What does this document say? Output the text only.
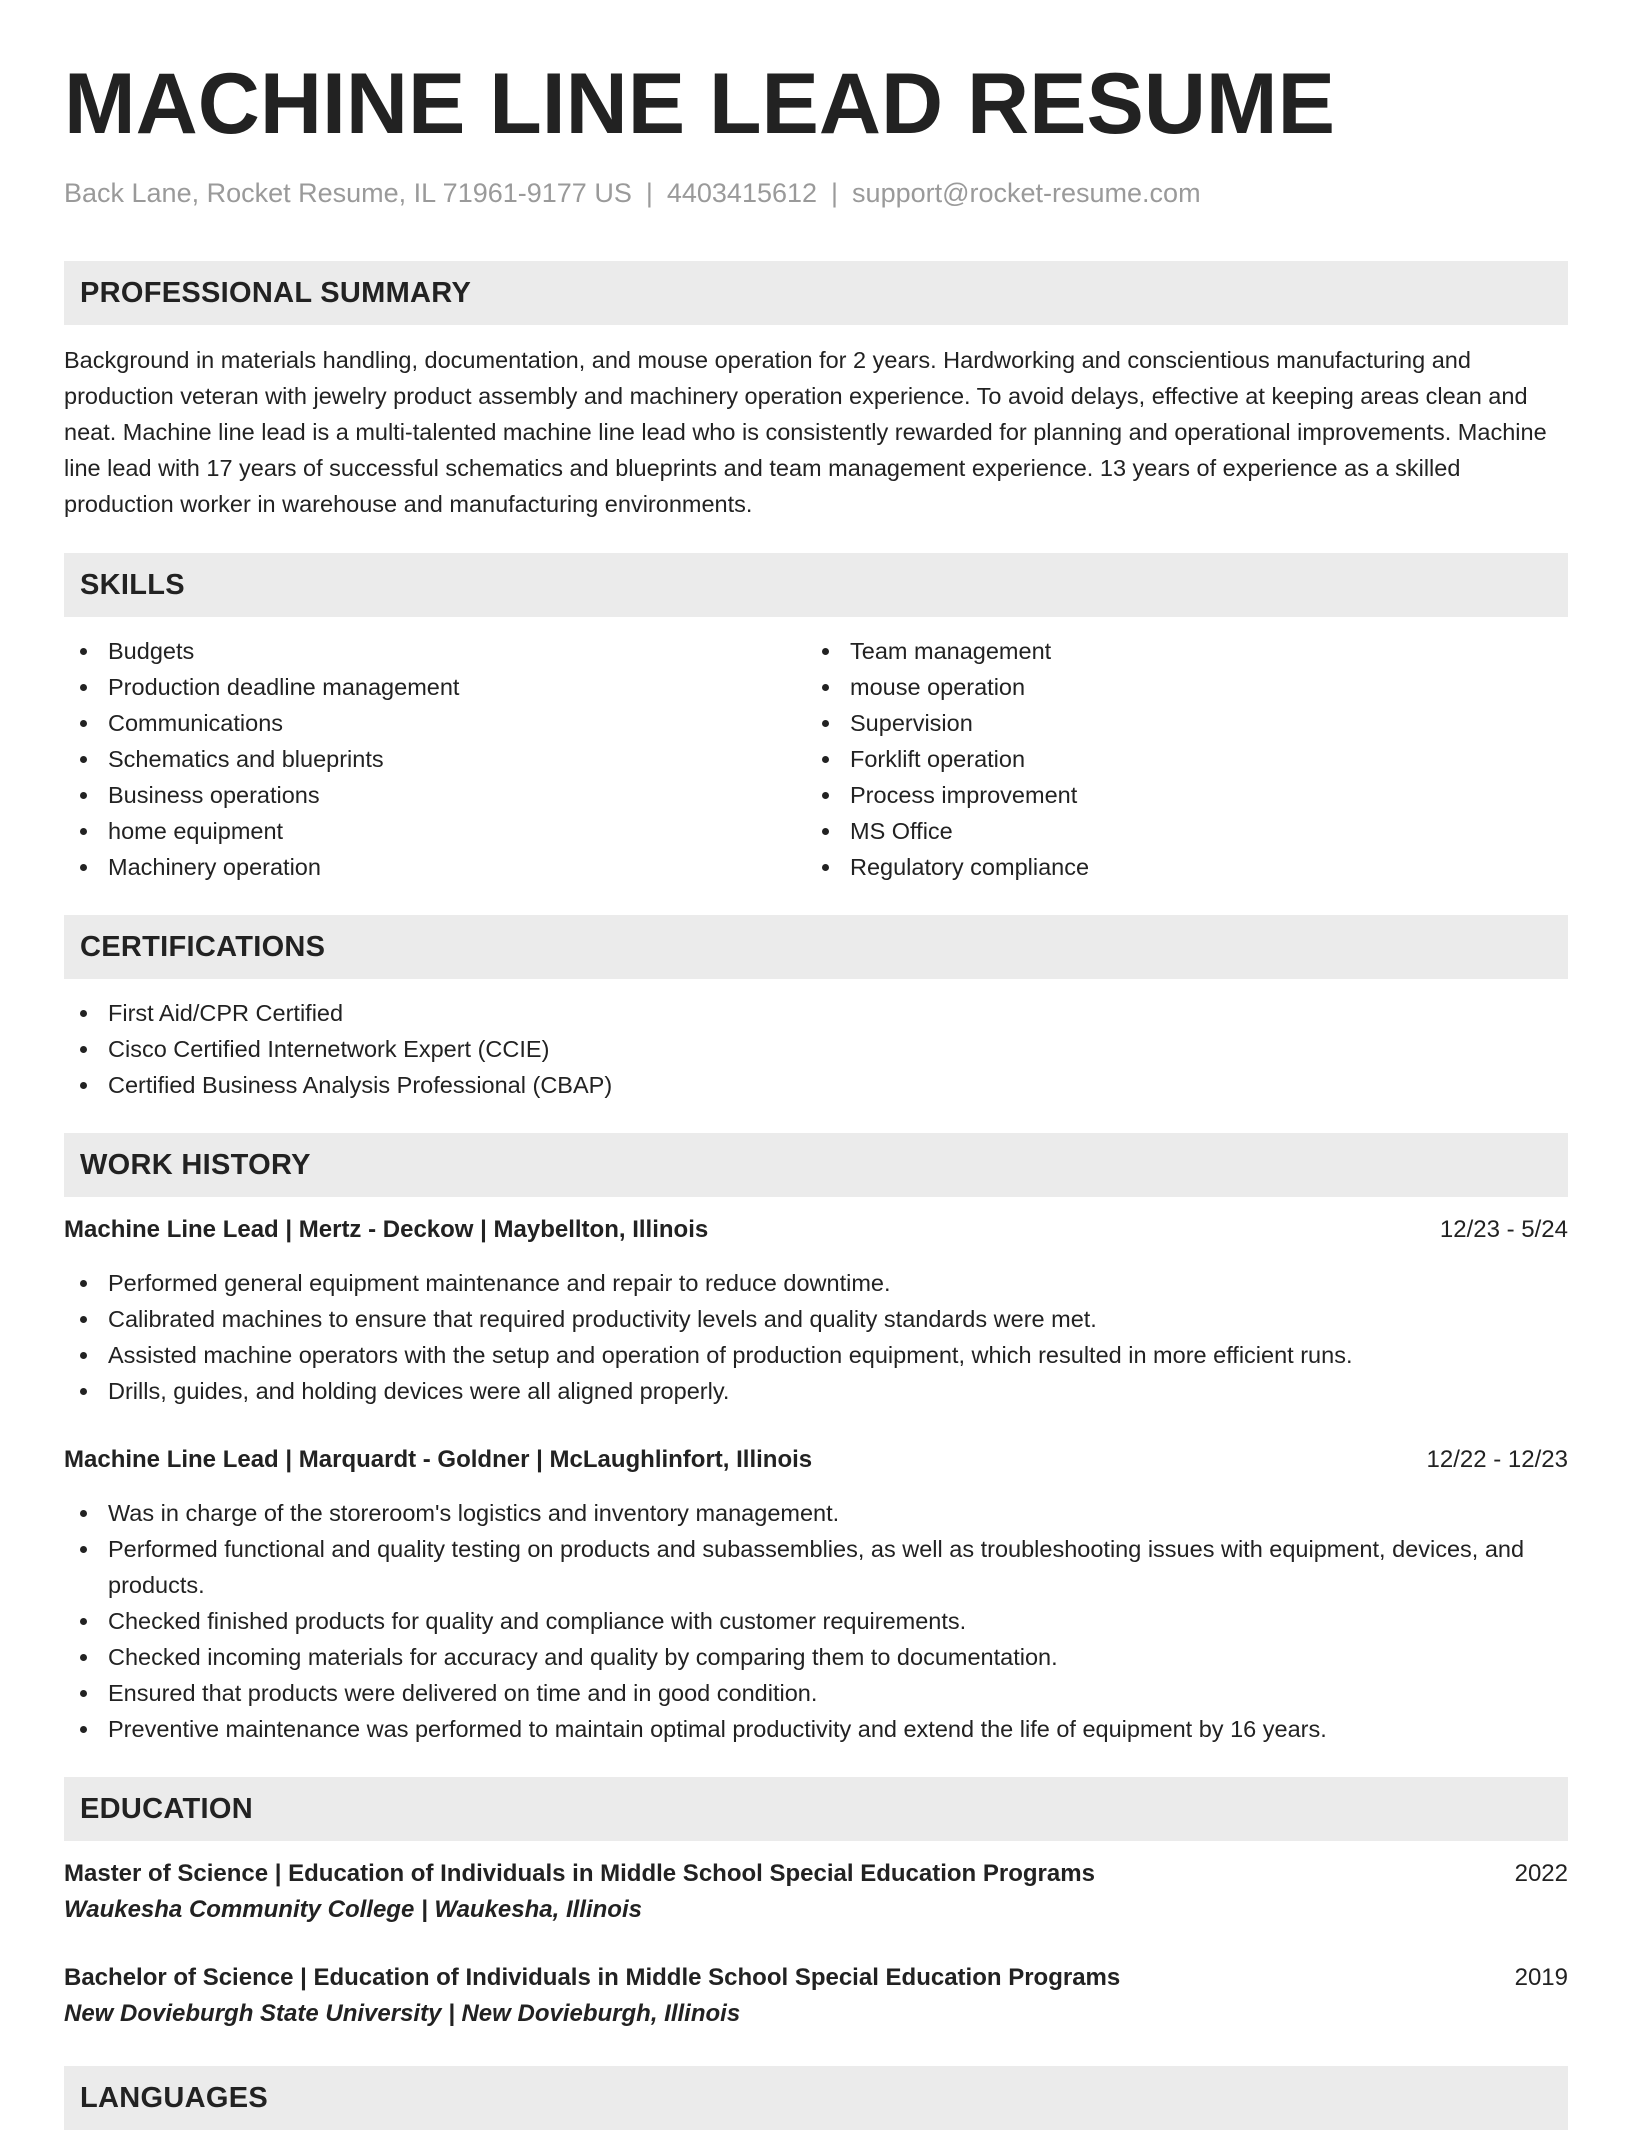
MACHINE LINE LEAD RESUME
Back Lane, Rocket Resume, IL 71961-9177 US | 4403415612 | support@rocket-resume.com
PROFESSIONAL SUMMARY
Background in materials handling, documentation, and mouse operation for 2 years. Hardworking and conscientious manufacturing and production veteran with jewelry product assembly and machinery operation experience. To avoid delays, effective at keeping areas clean and neat. Machine line lead is a multi-talented machine line lead who is consistently rewarded for planning and operational improvements. Machine line lead with 17 years of successful schematics and blueprints and team management experience. 13 years of experience as a skilled production worker in warehouse and manufacturing environments.
SKILLS
Budgets
Production deadline management
Communications
Schematics and blueprints
Business operations
home equipment
Machinery operation
Team management
mouse operation
Supervision
Forklift operation
Process improvement
MS Office
Regulatory compliance
CERTIFICATIONS
First Aid/CPR Certified
Cisco Certified Internetwork Expert (CCIE)
Certified Business Analysis Professional (CBAP)
WORK HISTORY
Machine Line Lead | Mertz - Deckow | Maybellton, Illinois	12/23 - 5/24
Performed general equipment maintenance and repair to reduce downtime.
Calibrated machines to ensure that required productivity levels and quality standards were met.
Assisted machine operators with the setup and operation of production equipment, which resulted in more efficient runs.
Drills, guides, and holding devices were all aligned properly.
Machine Line Lead | Marquardt - Goldner | McLaughlinfort, Illinois	12/22 - 12/23
Was in charge of the storeroom's logistics and inventory management.
Performed functional and quality testing on products and subassemblies, as well as troubleshooting issues with equipment, devices, and products.
Checked finished products for quality and compliance with customer requirements.
Checked incoming materials for accuracy and quality by comparing them to documentation.
Ensured that products were delivered on time and in good condition.
Preventive maintenance was performed to maintain optimal productivity and extend the life of equipment by 16 years.
EDUCATION
Master of Science | Education of Individuals in Middle School Special Education Programs	2022
Waukesha Community College | Waukesha, Illinois
Bachelor of Science | Education of Individuals in Middle School Special Education Programs	2019
New Dovieburgh State University | New Dovieburgh, Illinois
LANGUAGES
